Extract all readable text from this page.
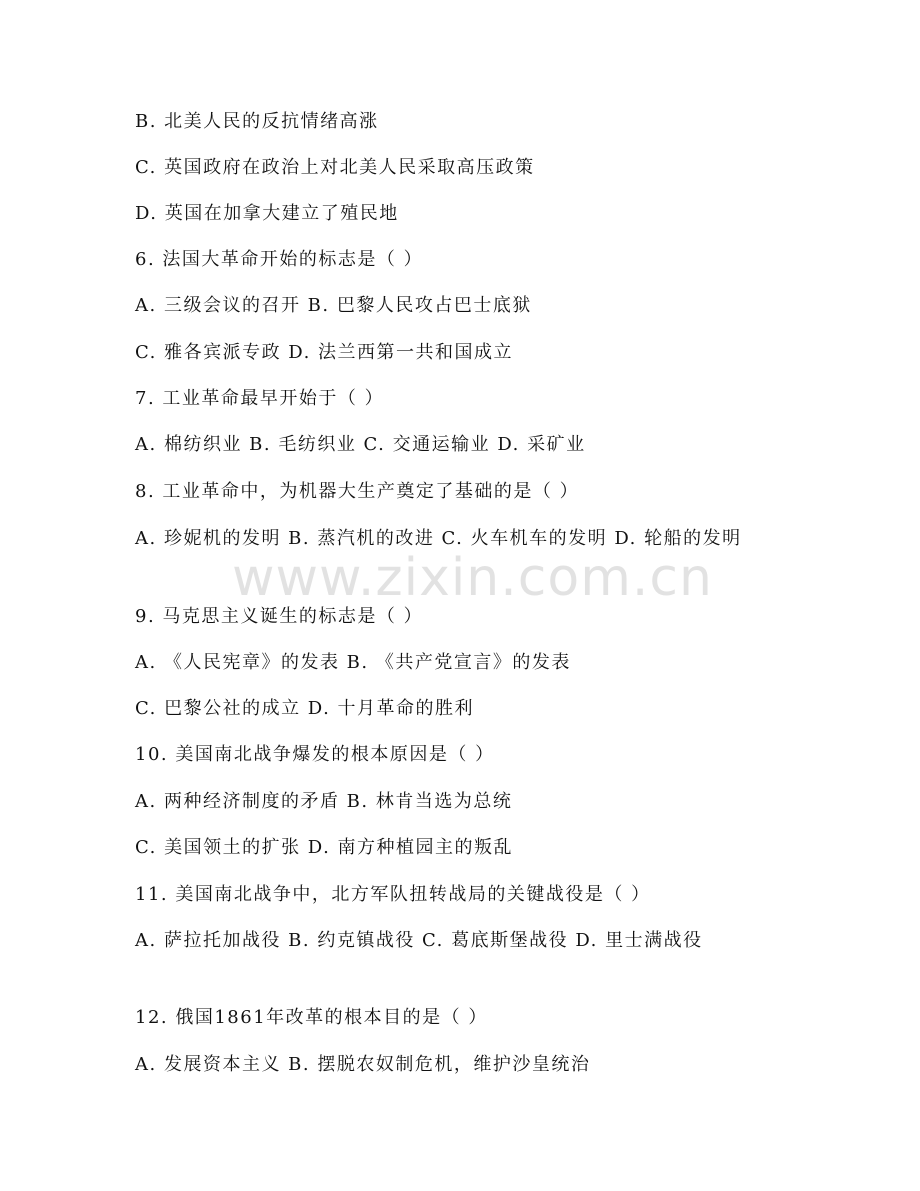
B. 北美人民的反抗情绪高涨
C. 英国政府在政治上对北美人民采取高压政策
D. 英国在加拿大建立了殖民地
6. 法国大革命开始的标志是（ ）
A. 三级会议的召开 B. 巴黎人民攻占巴士底狱
C. 雅各宾派专政 D. 法兰西第一共和国成立
7. 工业革命最早开始于（ ）
A. 棉纺织业 B. 毛纺织业 C. 交通运输业 D. 采矿业
8. 工业革命中，为机器大生产奠定了基础的是（ ）
A. 珍妮机的发明 B. 蒸汽机的改进 C. 火车机车的发明 D. 轮船的发明
9. 马克思主义诞生的标志是（ ）
A. 《人民宪章》的发表 B. 《共产党宣言》的发表
C. 巴黎公社的成立 D. 十月革命的胜利
10. 美国南北战争爆发的根本原因是（ ）
A. 两种经济制度的矛盾 B. 林肯当选为总统
C. 美国领土的扩张 D. 南方种植园主的叛乱
11. 美国南北战争中，北方军队扭转战局的关键战役是（ ）
A. 萨拉托加战役 B. 约克镇战役 C. 葛底斯堡战役 D. 里士满战役
12. 俄国1861年改革的根本目的是（ ）
A. 发展资本主义 B. 摆脱农奴制危机，维护沙皇统治
www.zixin.com.cn
